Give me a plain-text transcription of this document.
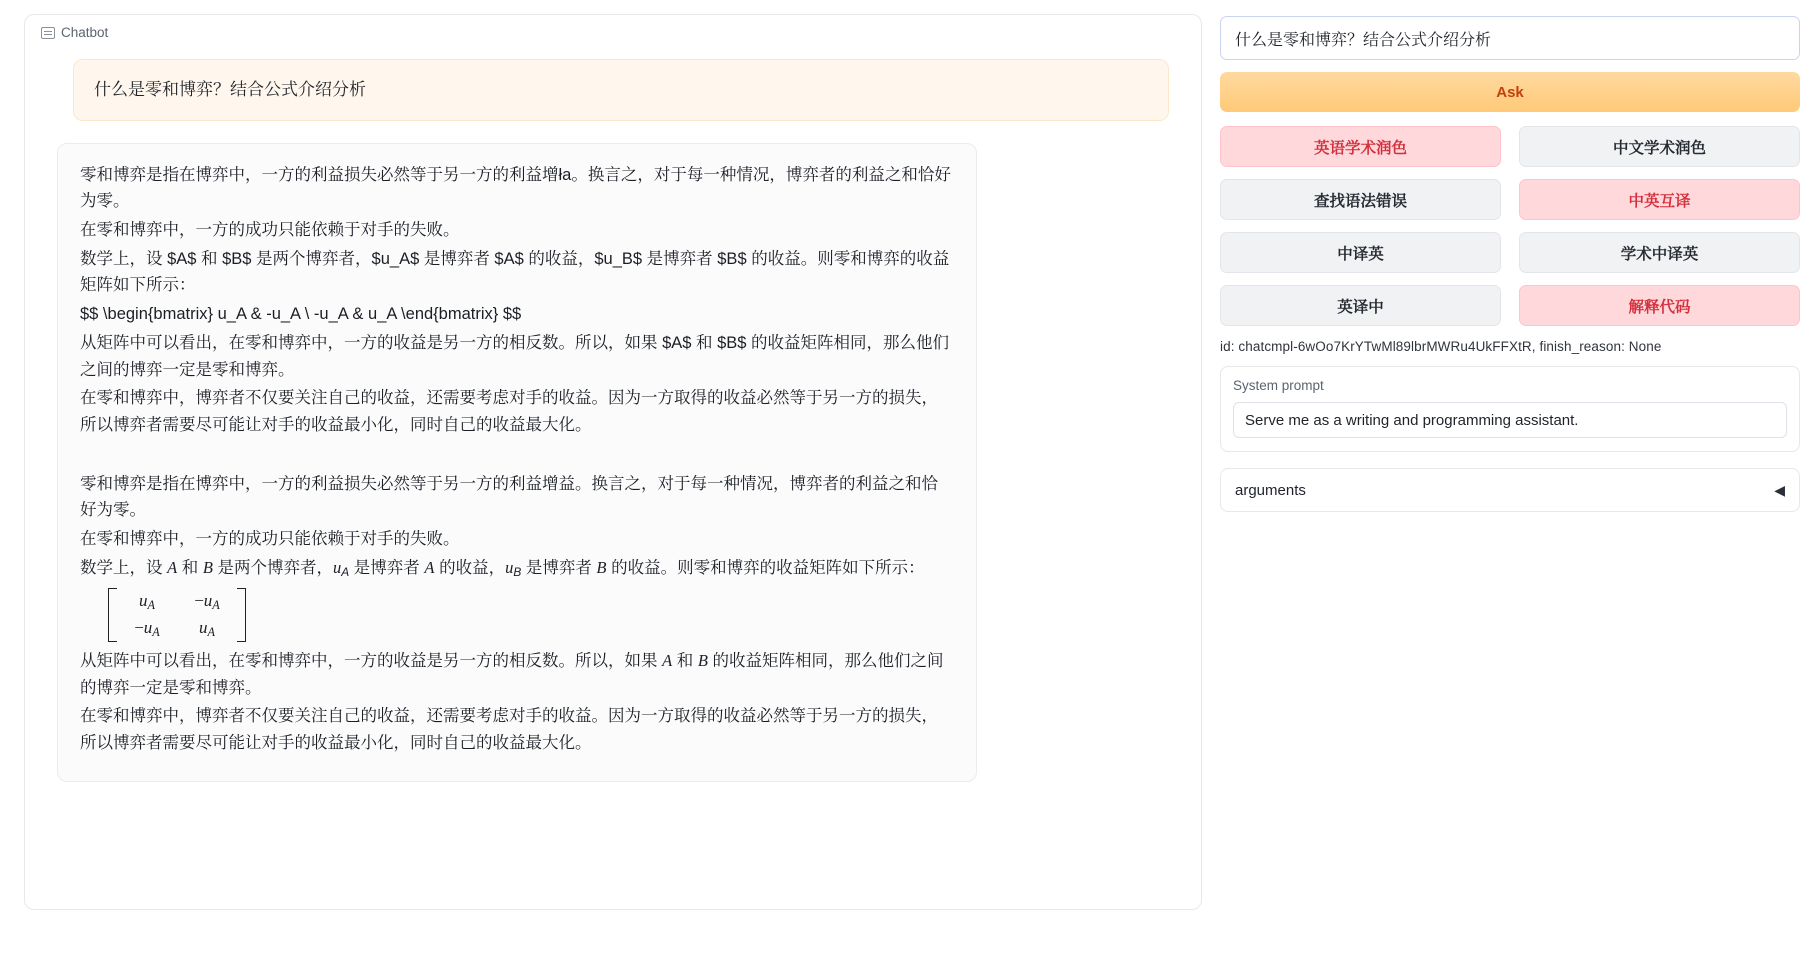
Chatbot
什么是零和博弈？结合公式介绍分析

零和博弈是指在博弈中，一方的利益损失必然等于另一方的利益增ła。换言之，对于每一种情况，博弈者的利益之和恰好为零。

在零和博弈中，一方的成功只能依赖于对手的失败。

数学上，设 $A$ 和 $B$ 是两个博弈者，$u_A$ 是博弈者 $A$ 的收益，$u_B$ 是博弈者 $B$ 的收益。则零和博弈的收益矩阵如下所示：

$$ \begin{bmatrix} u_A & -u_A \ -u_A & u_A \end{bmatrix} $$

从矩阵中可以看出，在零和博弈中，一方的收益是另一方的相反数。所以，如果 $A$ 和 $B$ 的收益矩阵相同，那么他们之间的博弈一定是零和博弈。

在零和博弈中，博弈者不仅要关注自己的收益，还需要考虑对手的收益。因为一方取得的收益必然等于另一方的损失，所以博弈者需要尽可能让对手的收益最小化，同时自己的收益最大化。

零和博弈是指在博弈中，一方的利益损失必然等于另一方的利益增益。换言之，对于每一种情况，博弈者的利益之和恰好为零。

在零和博弈中，一方的成功只能依赖于对手的失败。

数学上，设 A 和 B 是两个博弈者，$u_A$ 是博弈者 A 的收益，$u_B$ 是博弈者 B 的收益。则零和博弈的收益矩阵如下所示：

$u_A -u_A$
$-u_A$ $u_A$

从矩阵中可以看出，在零和博弈中，一方的收益是另一方的相反数。所以，如果 A 和 B 的收益矩阵相同，那么他们之间的博弈一定是零和博弈。

在零和博弈中，博弈者不仅要关注自己的收益，还需要考虑对手的收益。因为一方取得的收益必然等于另一方的损失，所以博弈者需要尽可能让对手的收益最小化，同时自己的收益最大化。

什么是零和博弈？结合公式介绍分析 Ask
英语学术润色	中文学术润色
查找语法错误	中英互译
中译英	学术中译英
英译中	解释代码
id: chatcmpl-6wOo7KrYTwMl89lbrMWRu4UkFFXtR, finish_reason: None
System prompt
Serve me as a writing and programming assistant.
arguments	◀
